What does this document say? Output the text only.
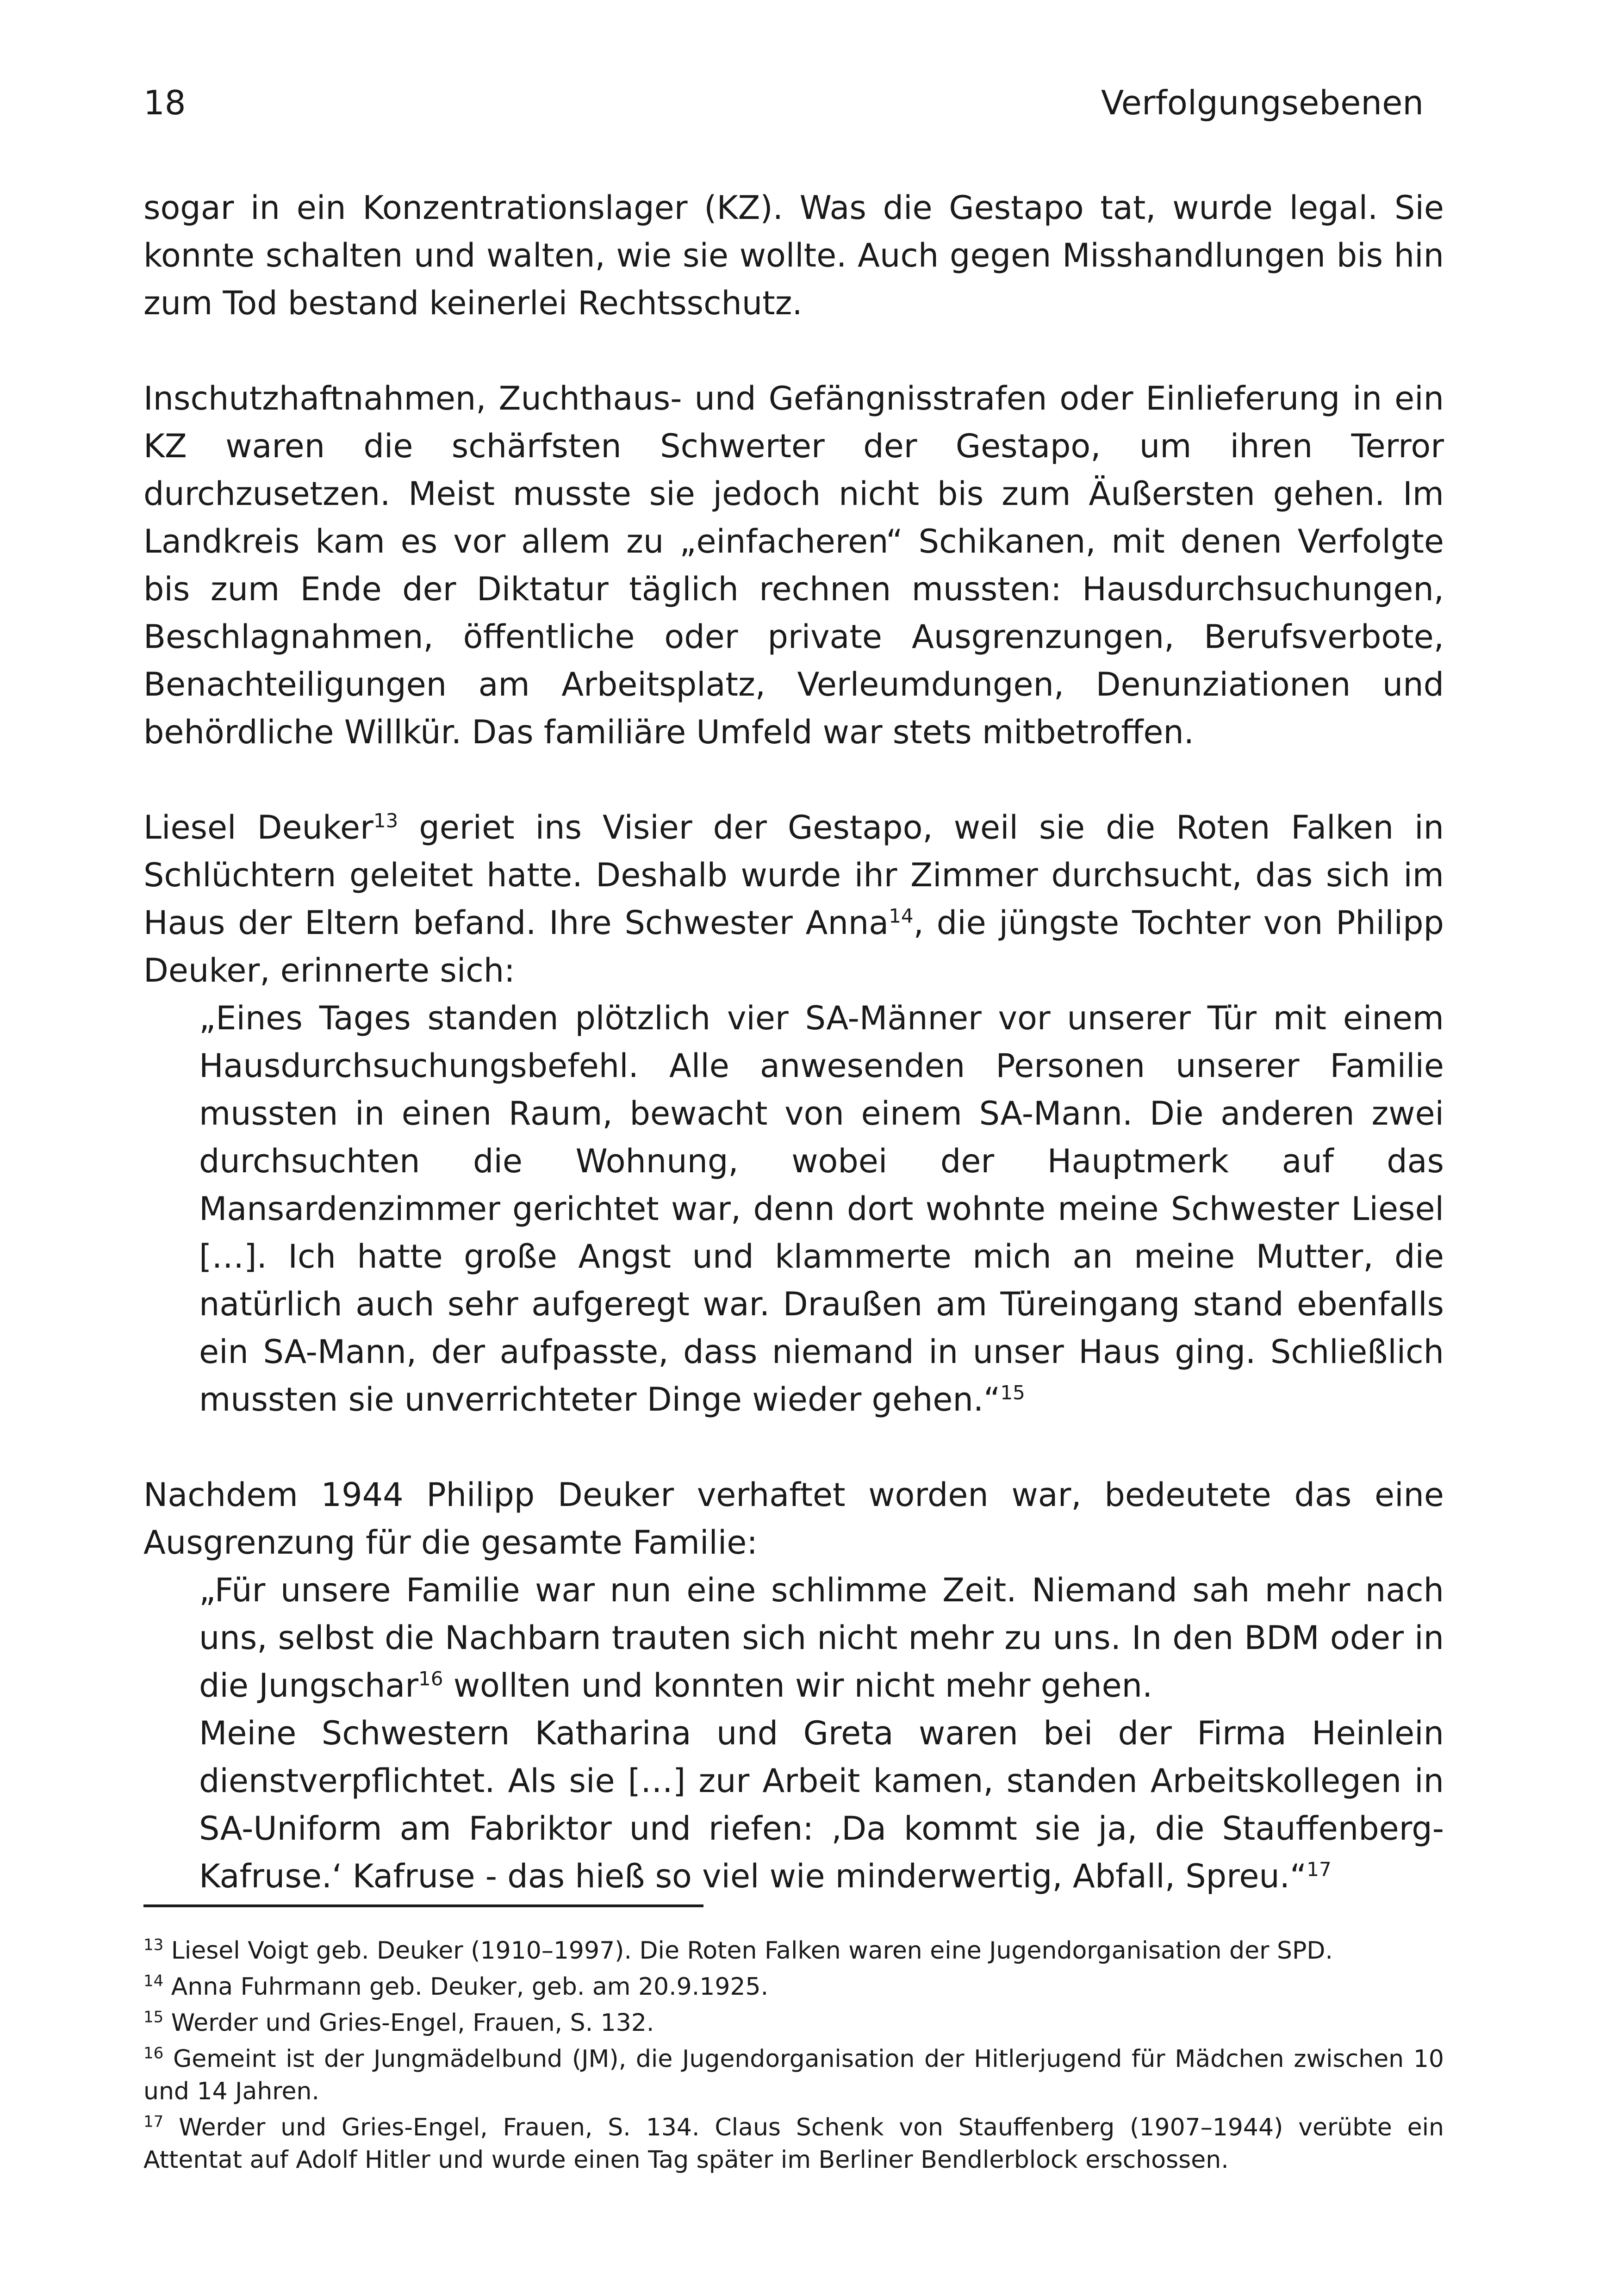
18	Verfolgungsebenen

sogar in ein Konzentrationslager (KZ). Was die Gestapo tat, wurde legal. Sie konnte schalten und walten, wie sie wollte. Auch gegen Misshandlungen bis hin zum Tod bestand keinerlei Rechtsschutz.

Inschutzhaftnahmen, Zuchthaus- und Gefängnisstrafen oder Einlieferung in ein KZ waren die schärfsten Schwerter der Gestapo, um ihren Terror durchzusetzen. Meist musste sie jedoch nicht bis zum Äußersten gehen. Im Landkreis kam es vor allem zu „einfacheren“ Schikanen, mit denen Verfolgte bis zum Ende der Diktatur täglich rechnen mussten: Hausdurchsuchungen, Beschlagnahmen, öffentliche oder private Ausgrenzungen, Berufsverbote, Benachteiligungen am Arbeitsplatz, Verleumdungen, Denunziationen und behördliche Willkür. Das familiäre Umfeld war stets mitbetroffen.

Liesel Deuker$^{13}$ geriet ins Visier der Gestapo, weil sie die Roten Falken in Schlüchtern geleitet hatte. Deshalb wurde ihr Zimmer durchsucht, das sich im Haus der Eltern befand. Ihre Schwester Anna$^{14}$, die jüngste Tochter von Philipp Deuker, erinnerte sich:

„Eines Tages standen plötzlich vier SA-Männer vor unserer Tür mit einem Hausdurchsuchungsbefehl. Alle anwesenden Personen unserer Familie mussten in einen Raum, bewacht von einem SA-Mann. Die anderen zwei durchsuchten die Wohnung, wobei der Hauptmerk auf das Mansardenzimmer gerichtet war, denn dort wohnte meine Schwester Liesel […]. Ich hatte große Angst und klammerte mich an meine Mutter, die natürlich auch sehr aufgeregt war. Draußen am Türeingang stand ebenfalls ein SA-Mann, der aufpasste, dass niemand in unser Haus ging. Schließlich mussten sie unverrichteter Dinge wieder gehen.“$^{15}$

Nachdem 1944 Philipp Deuker verhaftet worden war, bedeutete das eine Ausgrenzung für die gesamte Familie:

„Für unsere Familie war nun eine schlimme Zeit. Niemand sah mehr nach uns, selbst die Nachbarn trauten sich nicht mehr zu uns. In den BDM oder in die Jungschar$^{16}$ wollten und konnten wir nicht mehr gehen.

Meine Schwestern Katharina und Greta waren bei der Firma Heinlein dienstverpflichtet. Als sie […] zur Arbeit kamen, standen Arbeitskollegen in SA-Uniform am Fabriktor und riefen: ‚Da kommt sie ja, die Stauffenberg-Kafruse.‘ Kafruse - das hieß so viel wie minderwertig, Abfall, Spreu.“$^{17}$

$^{13}$ Liesel Voigt geb. Deuker (1910–1997). Die Roten Falken waren eine Jugendorganisation der SPD.

$^{14}$ Anna Fuhrmann geb. Deuker, geb. am 20.9.1925.

$^{15}$ Werder und Gries-Engel, Frauen, S. 132.

$^{16}$ Gemeint ist der Jungmädelbund (JM), die Jugendorganisation der Hitlerjugend für Mädchen zwischen 10 und 14 Jahren.

$^{17}$ Werder und Gries-Engel, Frauen, S. 134. Claus Schenk von Stauffenberg (1907–1944) verübte ein Attentat auf Adolf Hitler und wurde einen Tag später im Berliner Bendlerblock erschossen.
